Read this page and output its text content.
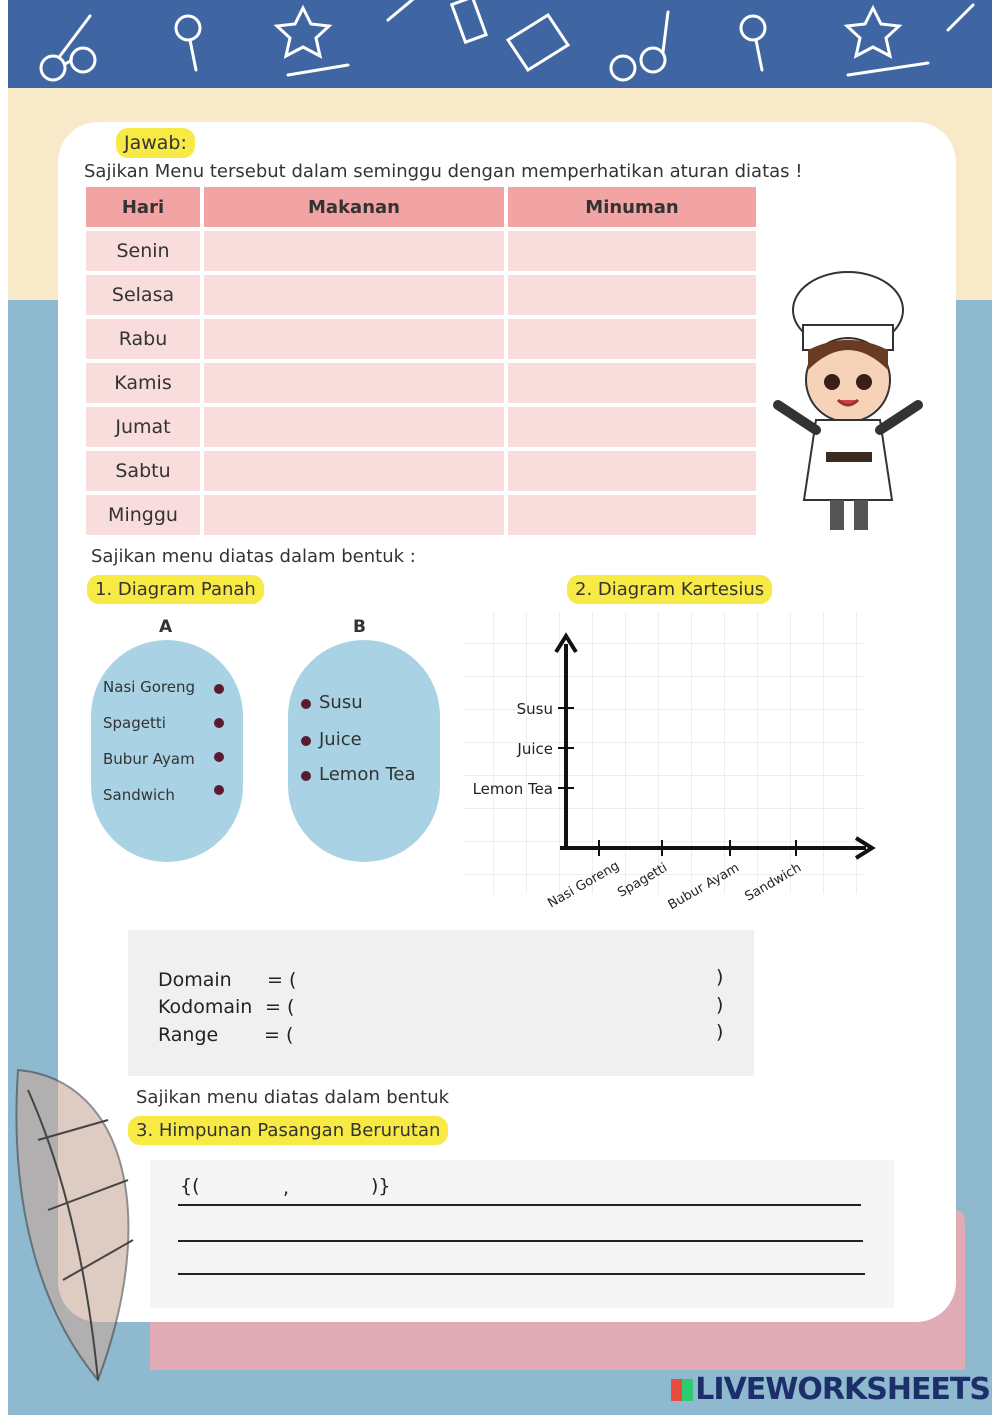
Jawab:
Sajikan Menu tersebut dalam seminggu dengan memperhatikan aturan diatas !
Hari	Makanan	Minuman
Senin		
Selasa		
Rabu		
Kamis		
Jumat		
Sabtu		
Minggu		
Sajikan menu diatas dalam bentuk :
1. Diagram Panah	2. Diagram Kartesius
A	B
Nasi Goreng
Spagetti
Bubur Ayam
Sandwich
Susu
Juice
Lemon Tea
Susu
Juice
Lemon Tea
Nasi Goreng
Spagetti
Bubur Ayam Sandwich
Domain = (	)
Kodomain = (	)
Range = (	)
Sajikan menu diatas dalam bentuk
3. Himpunan Pasangan Berurutan
{(	,	)}
LIVEWORKSHEETS
